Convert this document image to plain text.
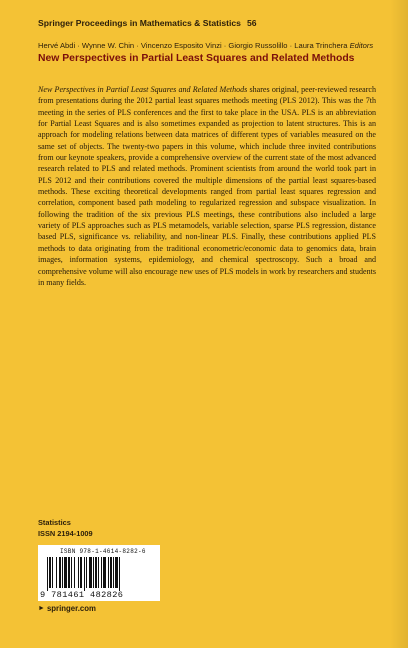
Springer Proceedings in Mathematics & Statistics 56
Hervé Abdi · Wynne W. Chin · Vincenzo Esposito Vinzi · Giorgio Russolillo · Laura Trinchera Editors
New Perspectives in Partial Least Squares and Related Methods
New Perspectives in Partial Least Squares and Related Methods shares original, peer-reviewed research from presentations during the 2012 partial least squares methods meeting (PLS 2012). This was the 7th meeting in the series of PLS conferences and the first to take place in the USA. PLS is an abbreviation for Partial Least Squares and is also sometimes expanded as projection to latent structures. This is an approach for modeling relations between data matrices of different types of variables measured on the same set of objects. The twenty-two papers in this volume, which include three invited contributions from our keynote speakers, provide a comprehensive overview of the current state of the most advanced research related to PLS and related methods. Prominent scientists from around the world took part in PLS 2012 and their contributions covered the multiple dimensions of the partial least squares-based methods. These exciting theoretical developments ranged from partial least squares regression and correlation, component based path modeling to regularized regression and subspace visualization. In following the tradition of the six previous PLS meetings, these contributions also included a large variety of PLS approaches such as PLS metamodels, variable selection, sparse PLS regression, distance based PLS, significance vs. reliability, and non-linear PLS. Finally, these contributions applied PLS methods to data originating from the traditional econometric/economic data to genomics data, brain images, information systems, epidemiology, and chemical spectroscopy. Such a broad and comprehensive volume will also encourage new uses of PLS models in work by researchers and students in many fields.
Statistics
ISSN 2194-1009
ISBN 978-1-4614-8282-6
9 781461 482826
► springer.com
